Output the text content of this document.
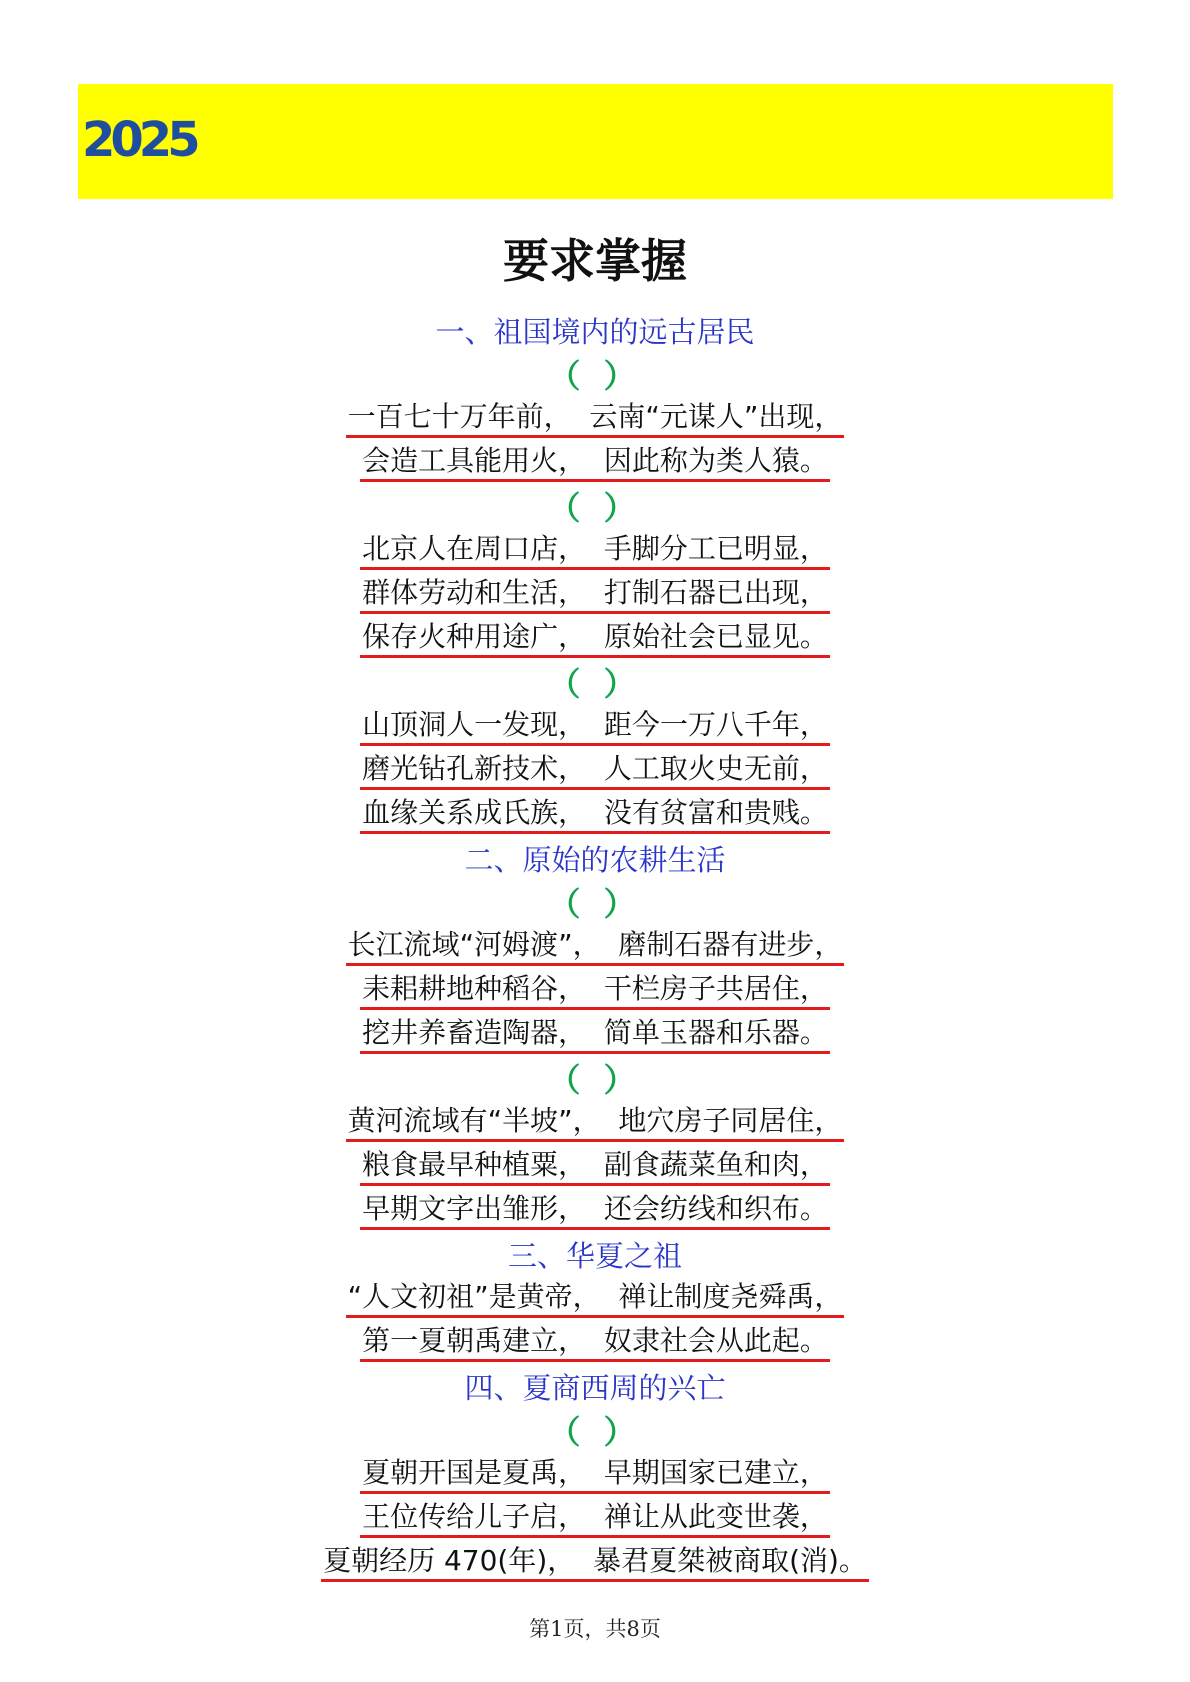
2025
要求掌握
一、祖国境内的远古居民
（ ）
一百七十万年前，  云南“元谋人”出现，
会造工具能用火，  因此称为类人猿。
（ ）
北京人在周口店，  手脚分工已明显，
群体劳动和生活，  打制石器已出现，
保存火种用途广，  原始社会已显见。
（ ）
山顶洞人一发现，  距今一万八千年，
磨光钻孔新技术，  人工取火史无前，
血缘关系成氏族，  没有贫富和贵贱。
二、原始的农耕生活
（ ）
长江流域“河姆渡”，  磨制石器有进步，
耒耜耕地种稻谷，  干栏房子共居住，
挖井养畜造陶器，  简单玉器和乐器。
（ ）
黄河流域有“半坡”，  地穴房子同居住，
粮食最早种植粟，  副食蔬菜鱼和肉，
早期文字出雏形，  还会纺线和织布。
三、华夏之祖
“人文初祖”是黄帝，  禅让制度尧舜禹，
第一夏朝禹建立，  奴隶社会从此起。
四、夏商西周的兴亡
（ ）
夏朝开国是夏禹，  早期国家已建立，
王位传给儿子启，  禅让从此变世袭，
夏朝经历 470(年)，  暴君夏桀被商取(消)。
第1页，共8页
